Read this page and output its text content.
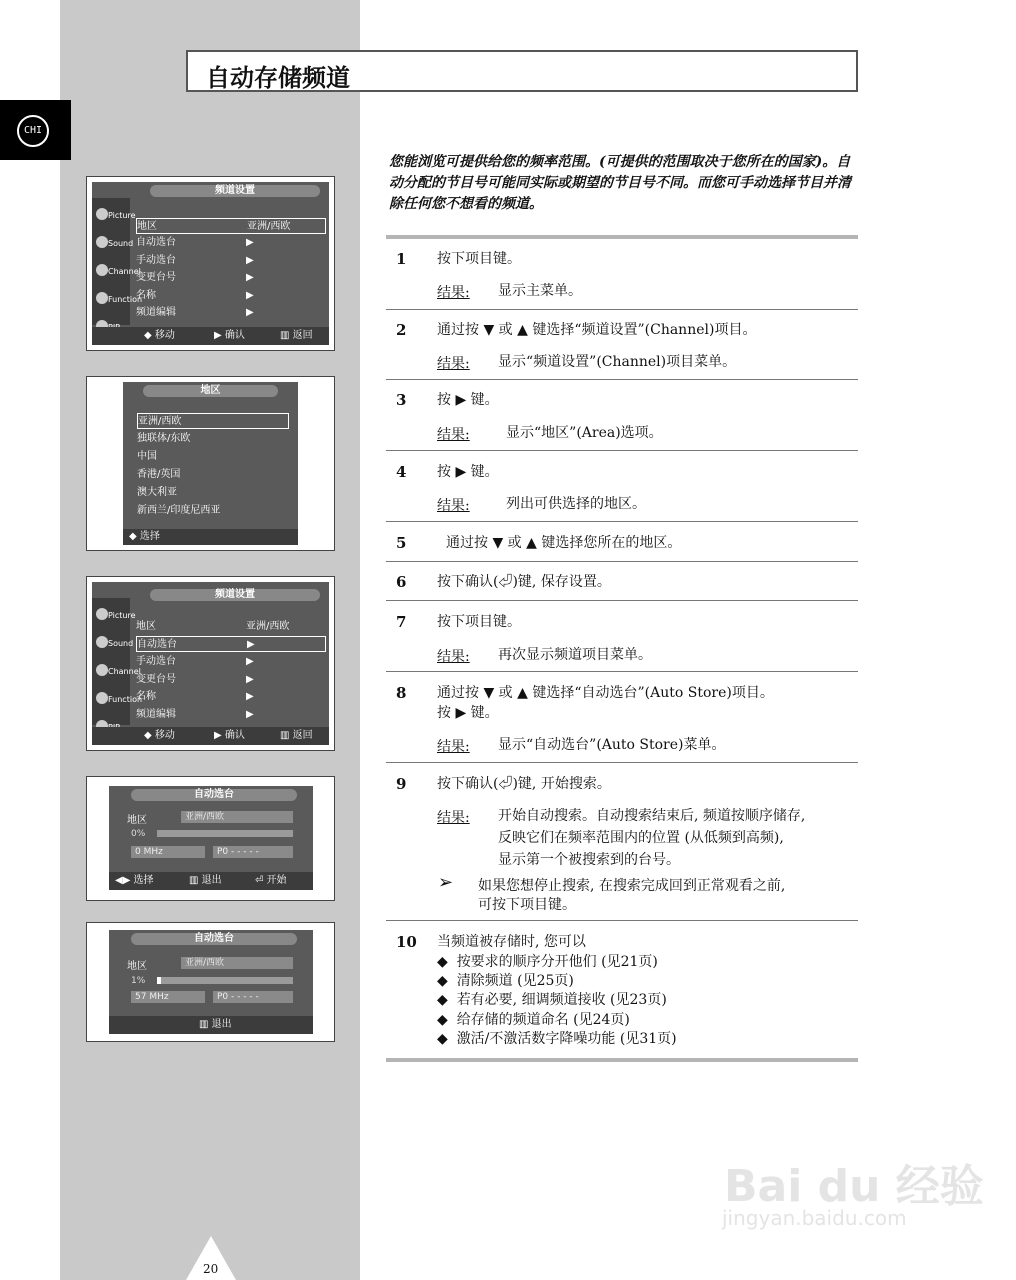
CHI
自动存储频道
您能浏览可提供给您的频率范围。(可提供的范围取决于您所在的国家)。自动分配的节目号可能同实际或期望的节目号不同。而您可手动选择节目并清除任何您不想看的频道。
频道设置
Picture
Sound
Channel
Function
地区	亚洲/西欧
自动选台	▶
手动选台	▶
变更台号	▶
名称	▶
频道编辑	▶
◆ 移动	▶ 确认	▥ 返回
地区
亚洲/西欧
独联体/东欧
中国
香港/英国
澳大利亚
新西兰/印度尼西亚
◆ 选择
频道设置
Picture
Sound
Channel
Function
地区	亚洲/西欧
自动选台	▶
手动选台	▶
变更台号	▶
名称	▶
频道编辑	▶
◆ 移动	▶ 确认	▥ 返回
自动选台
地区	亚洲/西欧
0%
0 MHz	P0 - - - - -
◀▶ 选择	▥ 退出	⏎ 开始
自动选台
地区	亚洲/西欧
1%
57 MHz	P0 - - - - -
▥ 退出
1 按下项目键。
结果: 显示主菜单。
2 通过按 ▼ 或 ▲ 键选择“频道设置”(Channel)项目。
结果: 显示“频道设置”(Channel)项目菜单。
3 按 ▶ 键。
结果:	显示“地区”(Area)选项。
4 按 ▶ 键。
结果:	列出可供选择的地区。
5	通过按 ▼ 或 ▲ 键选择您所在的地区。
6 按下确认(⏎)键, 保存设置。
7 按下项目键。
结果: 再次显示频道项目菜单。
8 通过按 ▼ 或 ▲ 键选择“自动选台”(Auto Store)项目。
按 ▶ 键。
结果: 显示“自动选台”(Auto Store)菜单。
9 按下确认(⏎)键, 开始搜索。
结果: 开始自动搜索。自动搜索结束后, 频道按顺序储存,
反映它们在频率范围内的位置 (从低频到高频),
显示第一个被搜索到的台号。
➢ 如果您想停止搜索, 在搜索完成回到正常观看之前,
可按下项目键。
10 当频道被存储时, 您可以
◆ 按要求的顺序分开他们 (见21页)
◆ 清除频道 (见25页)
◆ 若有必要, 细调频道接收 (见23页)
◆ 给存储的频道命名 (见24页)
◆ 激活/不激活数字降噪功能 (见31页)
Bai du 经验
jingyan.baidu.com
20
